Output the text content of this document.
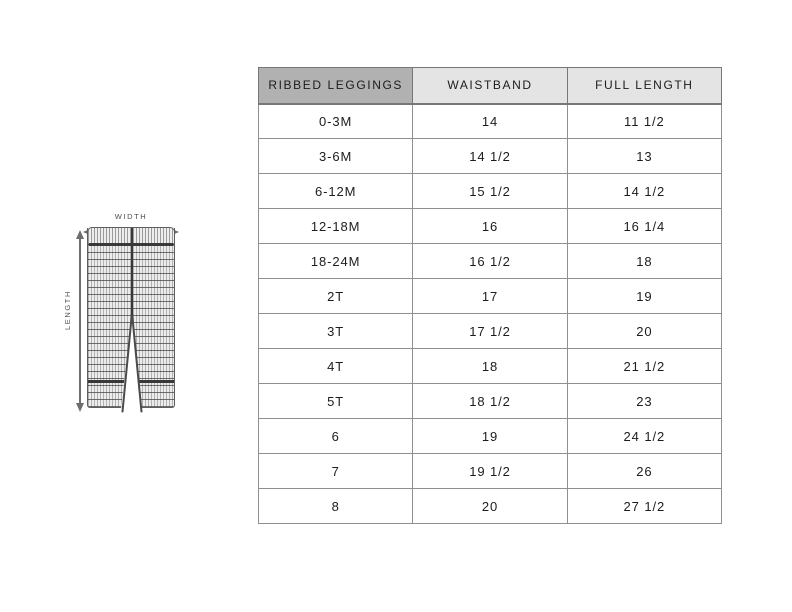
WIDTH
LENGTH
RIBBED LEGGINGS	WAISTBAND	FULL LENGTH
0-3M	14	11 1/2
3-6M	14 1/2	13
6-12M	15 1/2	14 1/2
12-18M	16	16 1/4
18-24M	16 1/2	18
2T	17	19
3T	17 1/2	20
4T	18	21 1/2
5T	18 1/2	23
6	19	24 1/2
7	19 1/2	26
8	20	27 1/2
